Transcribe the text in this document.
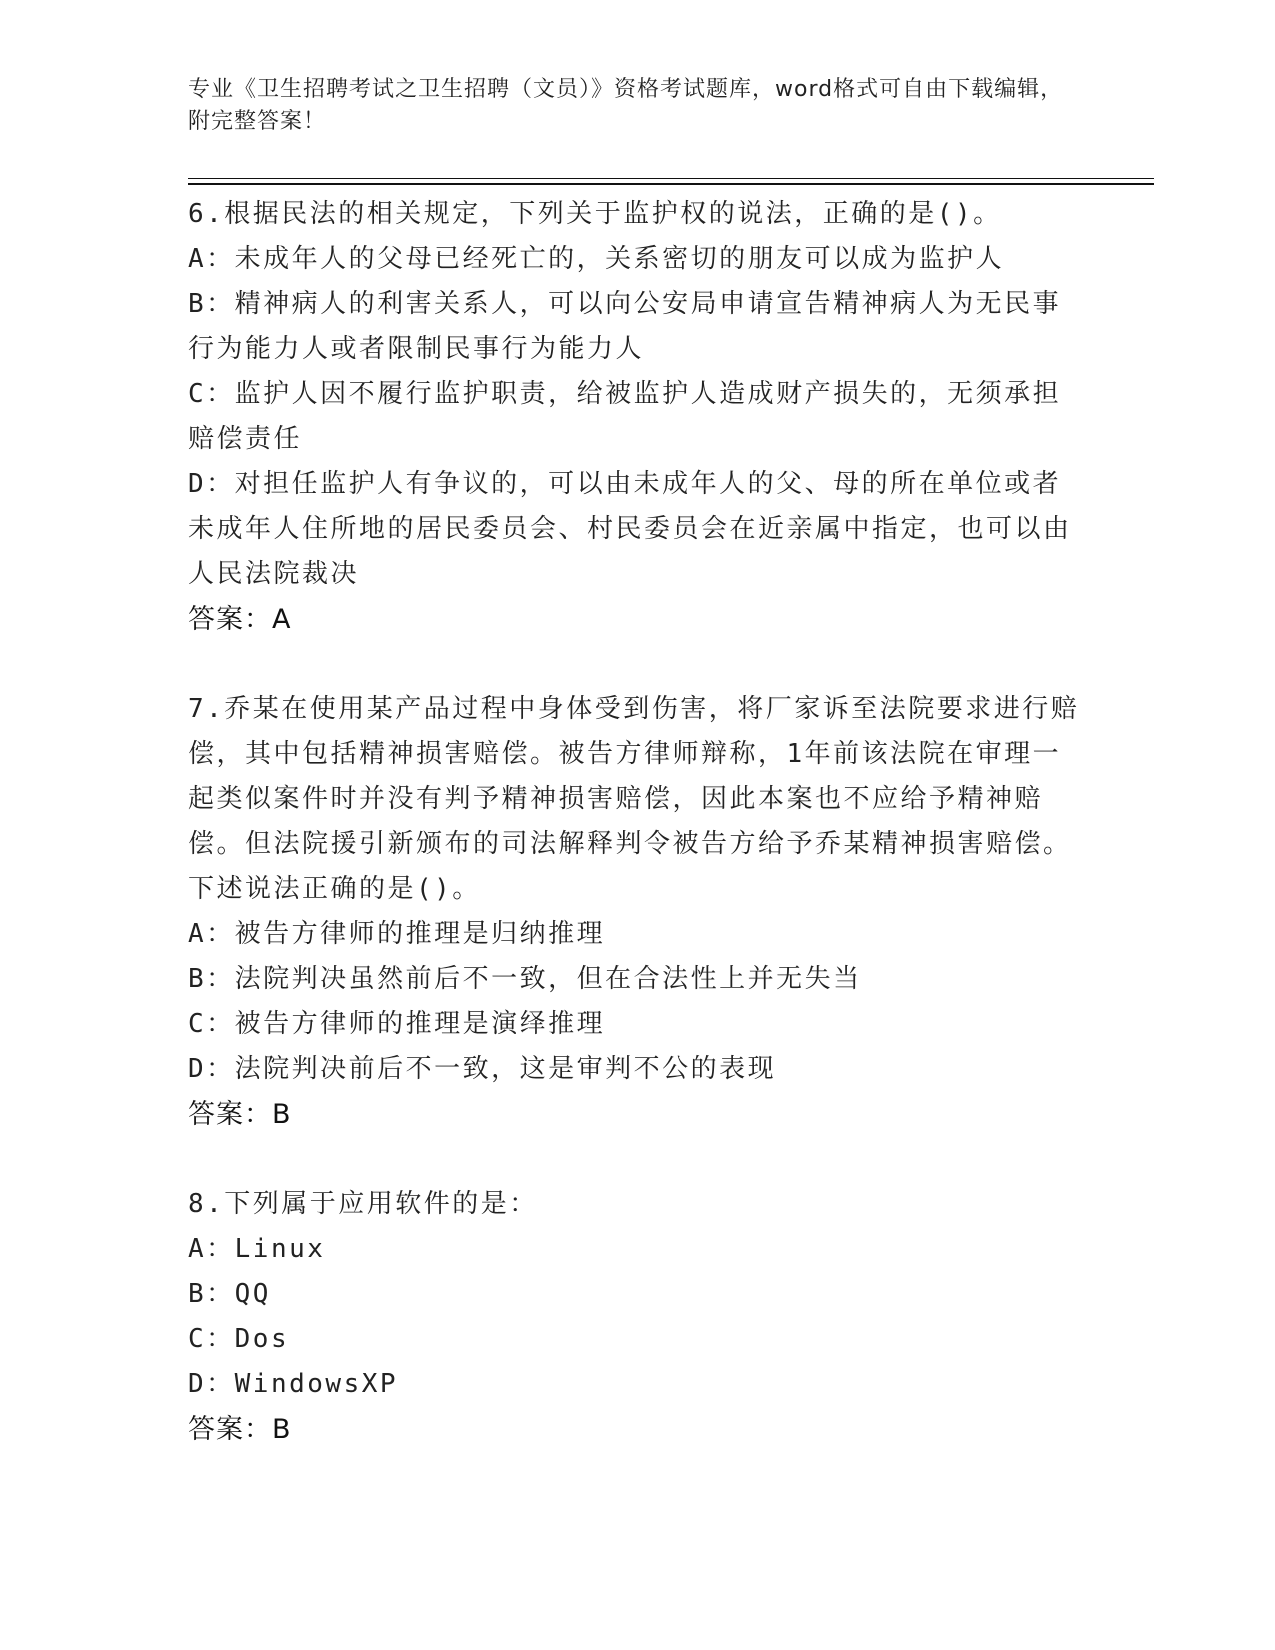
专业《卫生招聘考试之卫生招聘（文员）》资格考试题库，word格式可自由下载编辑，附完整答案！
6.根据民法的相关规定，下列关于监护权的说法，正确的是()。
A：未成年人的父母已经死亡的，关系密切的朋友可以成为监护人
B：精神病人的利害关系人，可以向公安局申请宣告精神病人为无民事行为能力人或者限制民事行为能力人
C：监护人因不履行监护职责，给被监护人造成财产损失的，无须承担赔偿责任
D：对担任监护人有争议的，可以由未成年人的父、母的所在单位或者未成年人住所地的居民委员会、村民委员会在近亲属中指定，也可以由人民法院裁决
答案：A
7.乔某在使用某产品过程中身体受到伤害，将厂家诉至法院要求进行赔偿，其中包括精神损害赔偿。被告方律师辩称，1年前该法院在审理一起类似案件时并没有判予精神损害赔偿，因此本案也不应给予精神赔偿。但法院援引新颁布的司法解释判令被告方给予乔某精神损害赔偿。下述说法正确的是()。
A：被告方律师的推理是归纳推理
B：法院判决虽然前后不一致，但在合法性上并无失当
C：被告方律师的推理是演绎推理
D：法院判决前后不一致，这是审判不公的表现
答案：B
8.下列属于应用软件的是：
A：Linux
B：QQ
C：Dos
D：WindowsXP
答案：B
